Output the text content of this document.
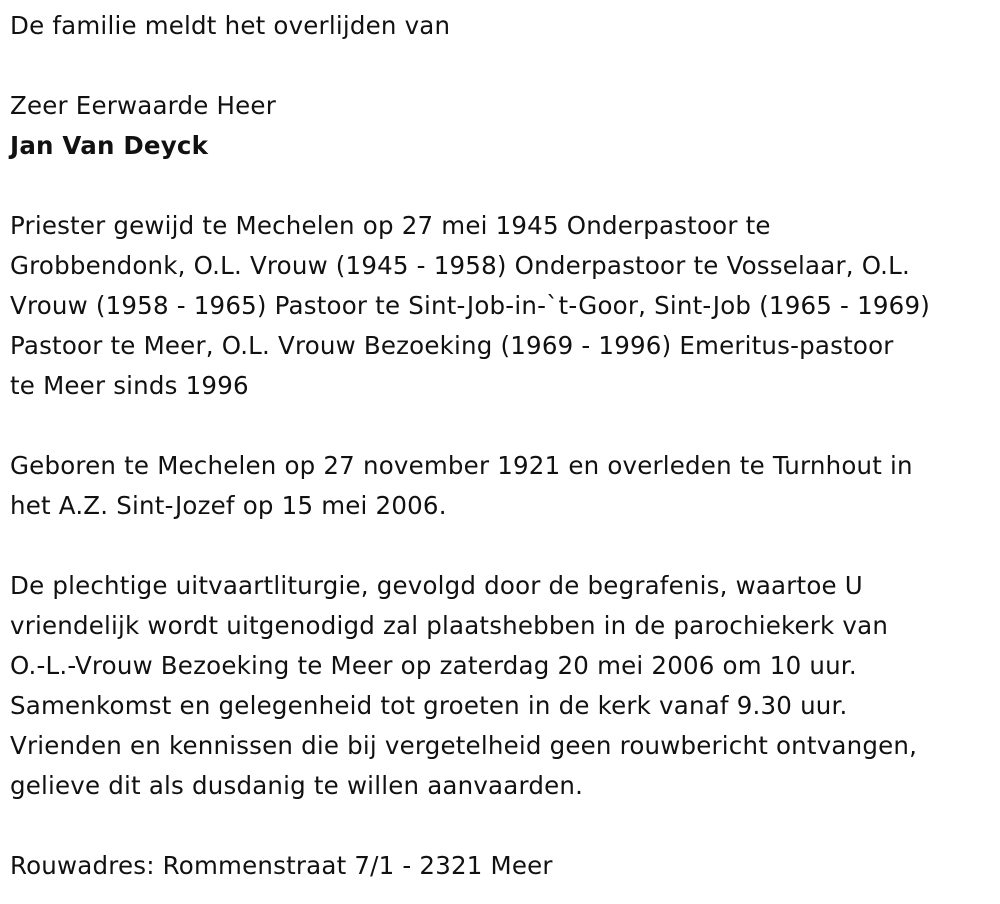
De familie meldt het overlijden van
Zeer Eerwaarde Heer
Jan Van Deyck
Priester gewijd te Mechelen op 27 mei 1945 Onderpastoor te
Grobbendonk, O.L. Vrouw (1945 - 1958) Onderpastoor te Vosselaar, O.L.
Vrouw (1958 - 1965) Pastoor te Sint-Job-in-`t-Goor, Sint-Job (1965 - 1969)
Pastoor te Meer, O.L. Vrouw Bezoeking (1969 - 1996) Emeritus-pastoor
te Meer sinds 1996
Geboren te Mechelen op 27 november 1921 en overleden te Turnhout in
het A.Z. Sint-Jozef op 15 mei 2006.
De plechtige uitvaartliturgie, gevolgd door de begrafenis, waartoe U
vriendelijk wordt uitgenodigd zal plaatshebben in de parochiekerk van
O.-L.-Vrouw Bezoeking te Meer op zaterdag 20 mei 2006 om 10 uur.
Samenkomst en gelegenheid tot groeten in de kerk vanaf 9.30 uur.
Vrienden en kennissen die bij vergetelheid geen rouwbericht ontvangen,
gelieve dit als dusdanig te willen aanvaarden.
Rouwadres: Rommenstraat 7/1 - 2321 Meer
